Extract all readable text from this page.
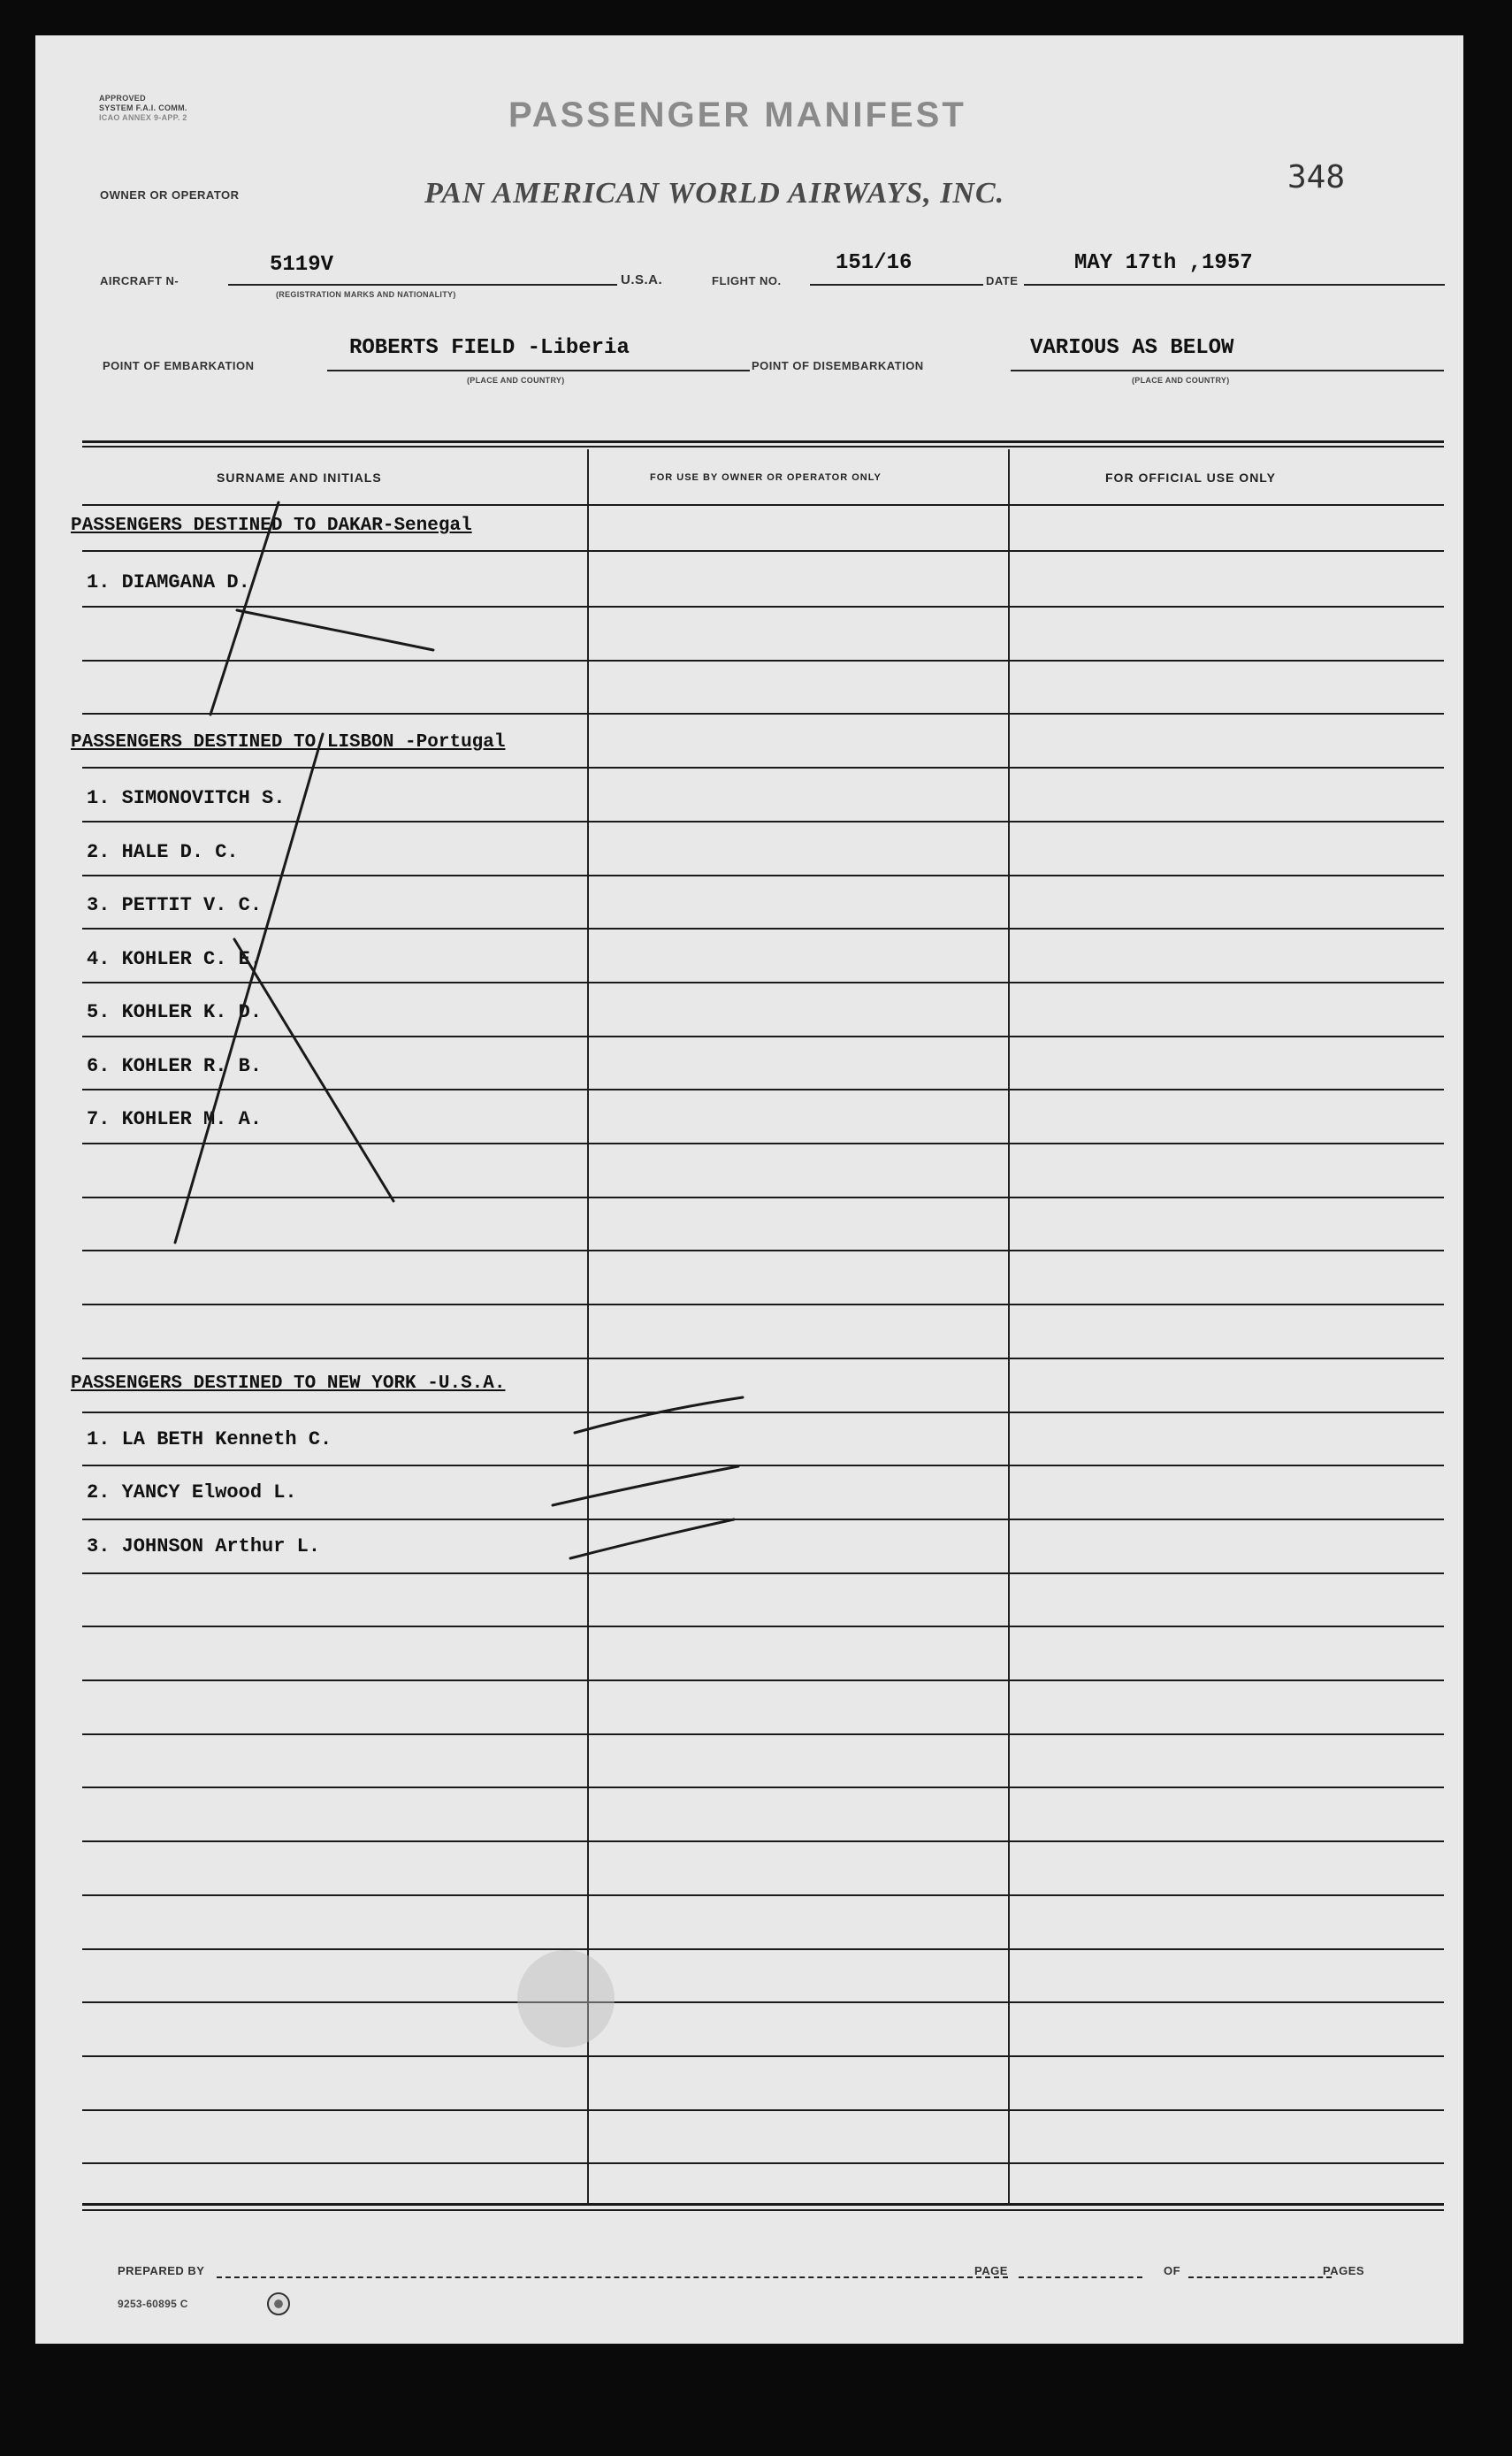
APPROVED
SYSTEM F.A.I. COMM.
ICAO ANNEX 9-APP. 2	PASSENGER MANIFEST
348
OWNER OR OPERATOR	PAN AMERICAN WORLD AIRWAYS, INC.
AIRCRAFT N-
5119V
(REGISTRATION MARKS AND NATIONALITY)
U.S.A.	FLIGHT NO.
151/16
DATE
MAY 17th ,1957
POINT OF EMBARKATION
ROBERTS FIELD -Liberia
(PLACE AND COUNTRY)
POINT OF DISEMBARKATION
VARIOUS AS BELOW
(PLACE AND COUNTRY)
SURNAME AND INITIALS	FOR USE BY OWNER OR OPERATOR ONLY	FOR OFFICIAL USE ONLY
PASSENGERS DESTINED TO DAKAR-Senegal
1. DIAMGANA D.
PASSENGERS DESTINED TO LISBON -Portugal
1. SIMONOVITCH S.
2. HALE D. C.
3. PETTIT V. C.
4. KOHLER C. E.
5. KOHLER K. D.
6. KOHLER R. B.
7. KOHLER M. A.
PASSENGERS DESTINED TO NEW YORK -U.S.A.
1. LA BETH Kenneth C.
2. YANCY Elwood L.
3. JOHNSON Arthur L.
PREPARED BY	PAGE	OF	PAGES
9253-60895 C
